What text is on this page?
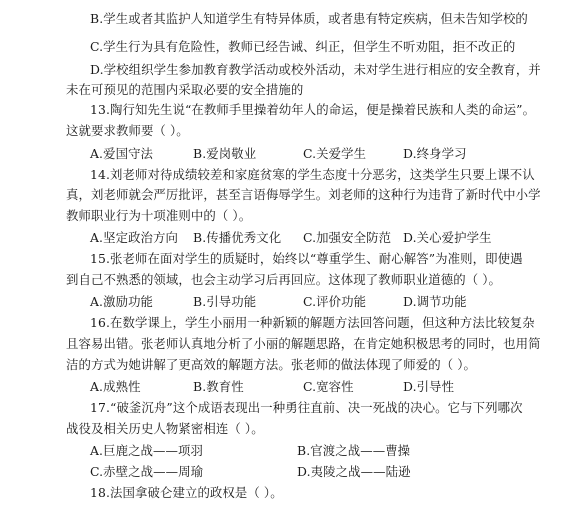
B.学生或者其监护人知道学生有特异体质，或者患有特定疾病，但未告知学校的
C.学生行为具有危险性，教师已经告诫、纠正，但学生不听劝阻，拒不改正的
D.学校组织学生参加教育教学活动或校外活动，未对学生进行相应的安全教育，并
未在可预见的范围内采取必要的安全措施的
13.陶行知先生说“在教师手里操着幼年人的命运，便是操着民族和人类的命运”。
这就要求教师要（ ）。
A.爱国守法	B.爱岗敬业	C.关爱学生	D.终身学习
14.刘老师对待成绩较差和家庭贫寒的学生态度十分恶劣，这类学生只要上课不认
真，刘老师就会严厉批评，甚至言语侮辱学生。刘老师的这种行为违背了新时代中小学
教师职业行为十项准则中的（ ）。
A.坚定政治方向 B.传播优秀文化 C.加强安全防范 D.关心爱护学生
15.张老师在面对学生的质疑时，始终以“尊重学生、耐心解答”为准则，即使遇
到自己不熟悉的领域，也会主动学习后再回应。这体现了教师职业道德的（ ）。
A.激励功能	B.引导功能	C.评价功能	D.调节功能
16.在数学课上，学生小丽用一种新颖的解题方法回答问题，但这种方法比较复杂
且容易出错。张老师认真地分析了小丽的解题思路，在肯定她积极思考的同时，也用简
洁的方式为她讲解了更高效的解题方法。张老师的做法体现了师爱的（ ）。
A.成熟性	B.教育性	C.宽容性	D.引导性
17.“破釜沉舟”这个成语表现出一种勇往直前、决一死战的决心。它与下列哪次
战役及相关历史人物紧密相连（ ）。
A.巨鹿之战——项羽	B.官渡之战——曹操
C.赤壁之战——周瑜	D.夷陵之战——陆逊
18.法国拿破仑建立的政权是（ ）。
